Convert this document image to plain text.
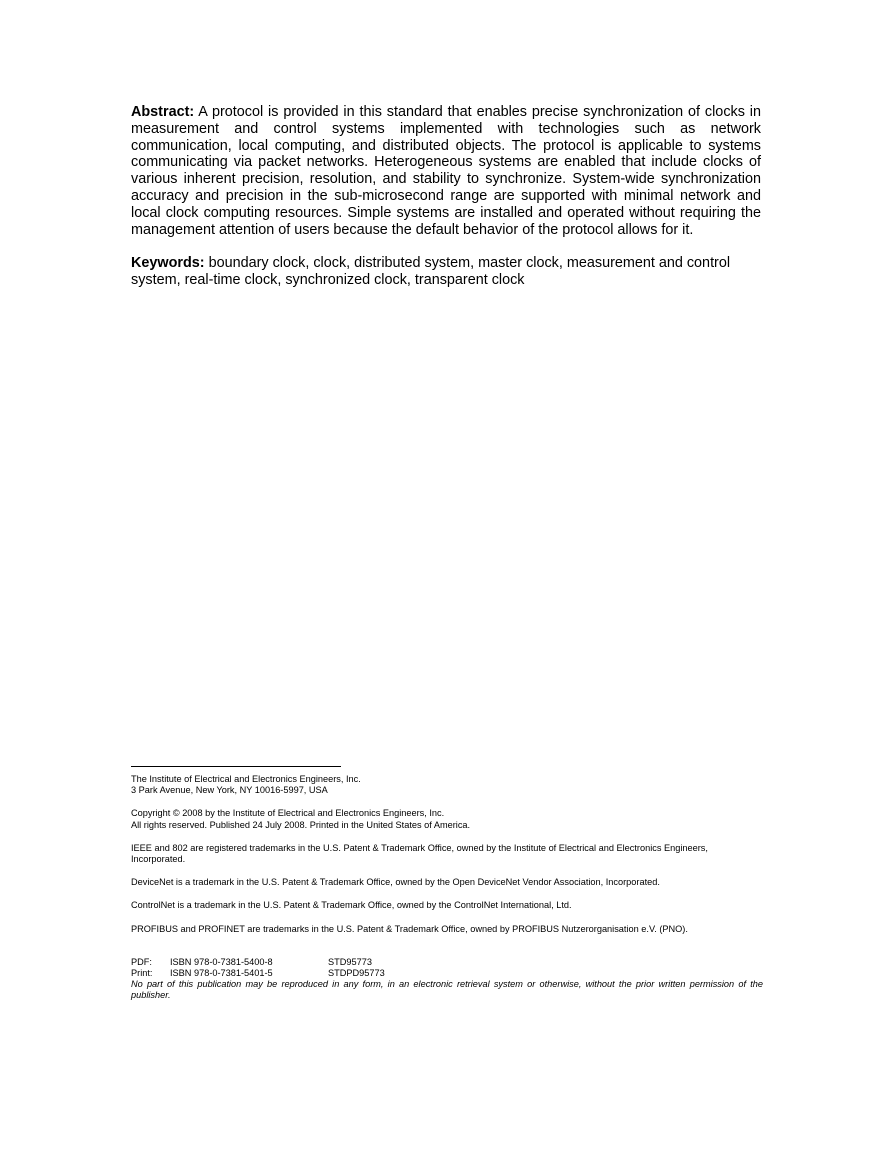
Abstract: A protocol is provided in this standard that enables precise synchronization of clocks in measurement and control systems implemented with technologies such as network communication, local computing, and distributed objects. The protocol is applicable to systems communicating via packet networks. Heterogeneous systems are enabled that include clocks of various inherent precision, resolution, and stability to synchronize. System-wide synchronization accuracy and precision in the sub-microsecond range are supported with minimal network and local clock computing resources. Simple systems are installed and operated without requiring the management attention of users because the default behavior of the protocol allows for it.

Keywords: boundary clock, clock, distributed system, master clock, measurement and control system, real-time clock, synchronized clock, transparent clock

The Institute of Electrical and Electronics Engineers, Inc.

3 Park Avenue, New York, NY 10016-5997, USA

Copyright © 2008 by the Institute of Electrical and Electronics Engineers, Inc.

All rights reserved. Published 24 July 2008. Printed in the United States of America.

IEEE and 802 are registered trademarks in the U.S. Patent & Trademark Office, owned by the Institute of Electrical and Electronics Engineers, Incorporated.

DeviceNet is a trademark in the U.S. Patent & Trademark Office, owned by the Open DeviceNet Vendor Association, Incorporated.

ControlNet is a trademark in the U.S. Patent & Trademark Office, owned by the ControlNet International, Ltd.

PROFIBUS and PROFINET are trademarks in the U.S. Patent & Trademark Office, owned by PROFIBUS Nutzerorganisation e.V. (PNO).

PDF:	ISBN 978-0-7381-5400-8	STD95773
Print:	ISBN 978-0-7381-5401-5	STDPD95773

No part of this publication may be reproduced in any form, in an electronic retrieval system or otherwise, without the prior written permission of the publisher.
